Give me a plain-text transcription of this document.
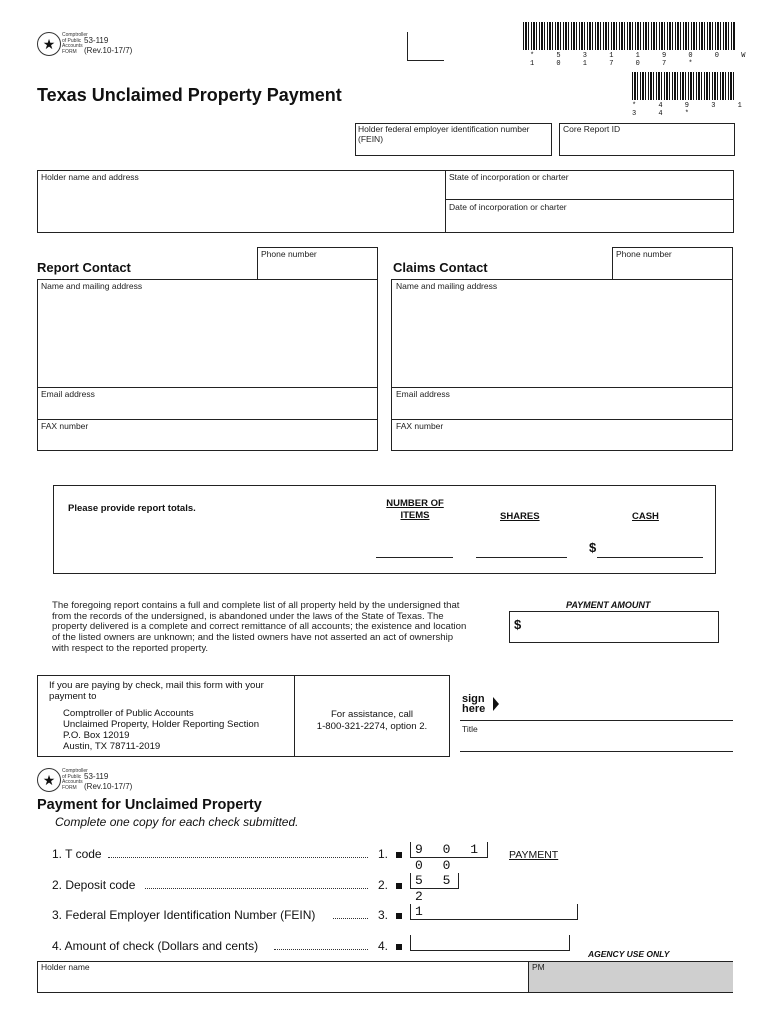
★
Comptroller of Public Accounts FORM
53-119
(Rev.10-17/7)
* 5 3 1 1 9 0 0 W 1 0 1 7 0 7 *
* 4 9 3 1 3 4 *
Texas Unclaimed Property Payment
Holder federal employer identification number (FEIN)
Core Report ID
Holder name and address	State of incorporation or charter
Date of incorporation or charter
Report Contact
Phone number
Name and mailing address
Email address
FAX number
Claims Contact
Phone number
Name and mailing address
Email address
FAX number
Please provide report totals.	NUMBER OF ITEMS	SHARES	CASH
$
The foregoing report contains a full and complete list of all property held by the undersigned that from the records of the undersigned, is abandoned under the laws of the State of Texas. The property delivered is a complete and correct remittance of all accounts; the existence and location of the listed owners are unknown; and the listed owners have not asserted an act of ownership with respect to the reported property.
PAYMENT AMOUNT
$
If you are paying by check, mail this form with your payment to
Comptroller of Public Accounts
Unclaimed Property, Holder Reporting Section
P.O. Box 12019
Austin, TX 78711-2019
For assistance, call
1-800-321-2274, option 2.
sign here
Title
★
Comptroller of Public Accounts FORM
53-119
(Rev.10-17/7)
Payment for Unclaimed Property
Complete one copy for each check submitted.
1. T code	1.	9 0 1 0 0
PAYMENT
2. Deposit code	2.	5 5 2
3. Federal Employer Identification Number (FEIN)	3.	1
4. Amount of check (Dollars and cents)	4.
AGENCY USE ONLY
Holder name	PM
